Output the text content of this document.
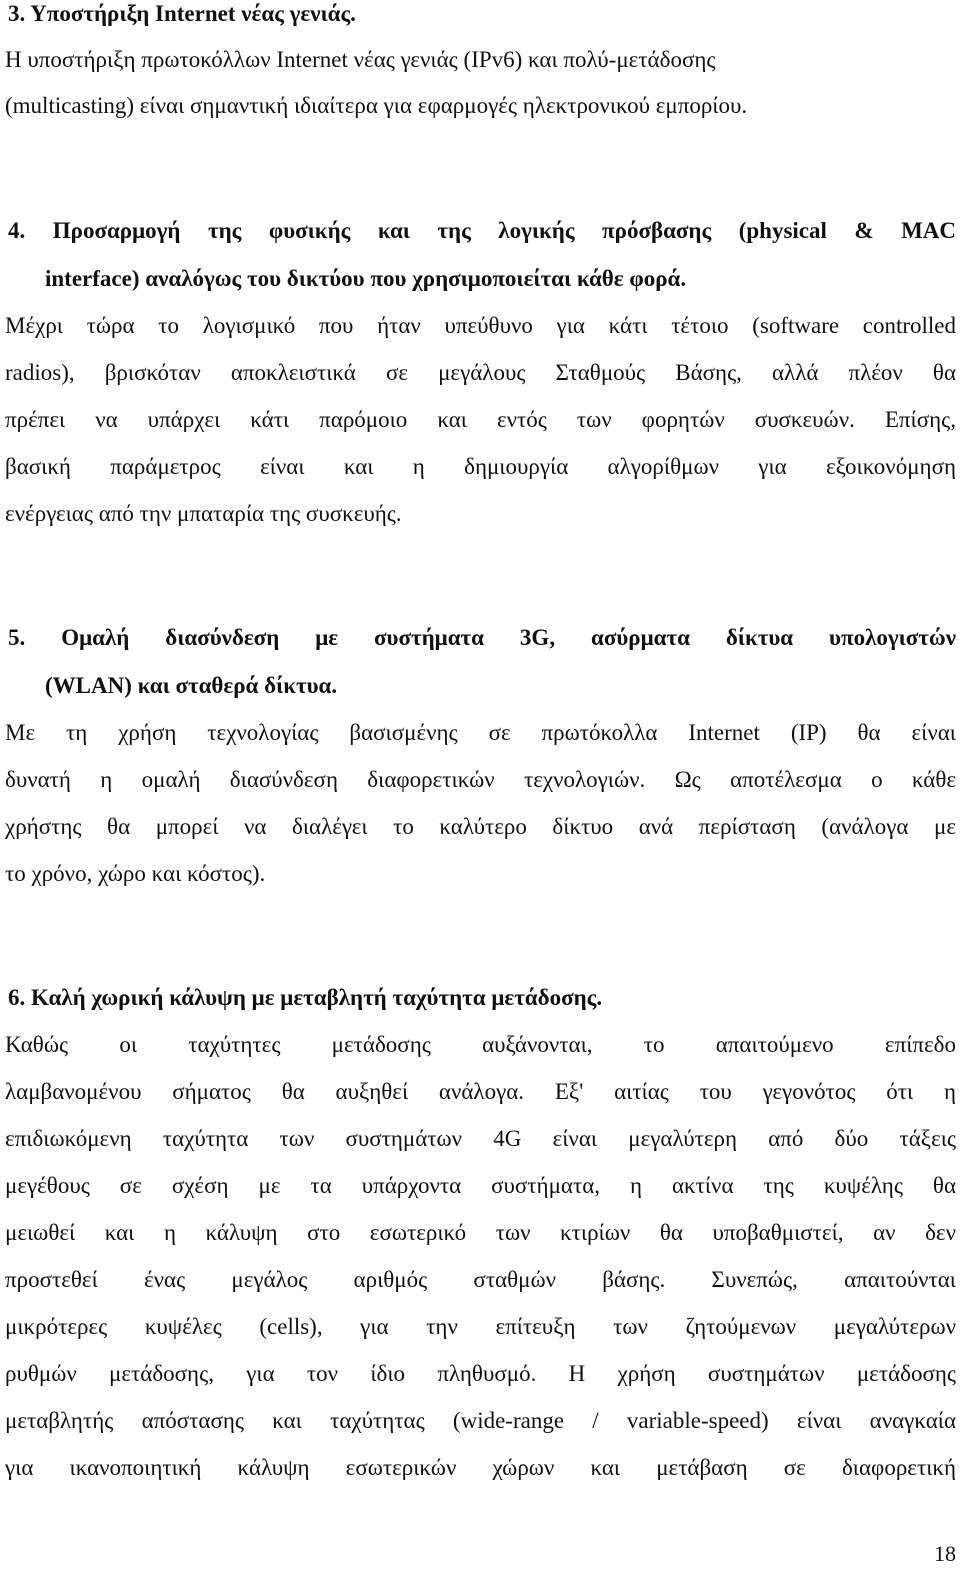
3. Υποστήριξη Internet νέας γενιάς.
Η υποστήριξη πρωτοκόλλων Internet νέας γενιάς (IPv6) και πολύ-μετάδοσης
(multicasting) είναι σημαντική ιδιαίτερα για εφαρμογές ηλεκτρονικού εμπορίου.
4. Προσαρμογή της φυσικής και της λογικής πρόσβασης (physical & MAC
interface) αναλόγως του δικτύου που χρησιμοποιείται κάθε φορά.
Μέχρι τώρα το λογισμικό που ήταν υπεύθυνο για κάτι τέτοιο (software controlled
radios), βρισκόταν αποκλειστικά σε μεγάλους Σταθμούς Βάσης, αλλά πλέον θα
πρέπει να υπάρχει κάτι παρόμοιο και εντός των φορητών συσκευών. Επίσης,
βασική παράμετρος είναι και η δημιουργία αλγορίθμων για εξοικονόμηση
ενέργειας από την μπαταρία της συσκευής.
5. Ομαλή διασύνδεση με συστήματα 3G, ασύρματα δίκτυα υπολογιστών
(WLAN) και σταθερά δίκτυα.
Με τη χρήση τεχνολογίας βασισμένης σε πρωτόκολλα Internet (IP) θα είναι
δυνατή η ομαλή διασύνδεση διαφορετικών τεχνολογιών. Ως αποτέλεσμα ο κάθε
χρήστης θα μπορεί να διαλέγει το καλύτερο δίκτυο ανά περίσταση (ανάλογα με
το χρόνο, χώρο και κόστος).
6. Καλή χωρική κάλυψη με μεταβλητή ταχύτητα μετάδοσης.
Καθώς οι ταχύτητες μετάδοσης αυξάνονται, το απαιτούμενο επίπεδο
λαμβανομένου σήματος θα αυξηθεί ανάλογα. Εξ' αιτίας του γεγονότος ότι η
επιδιωκόμενη ταχύτητα των συστημάτων 4G είναι μεγαλύτερη από δύο τάξεις
μεγέθους σε σχέση με τα υπάρχοντα συστήματα, η ακτίνα της κυψέλης θα
μειωθεί και η κάλυψη στο εσωτερικό των κτιρίων θα υποβαθμιστεί, αν δεν
προστεθεί ένας μεγάλος αριθμός σταθμών βάσης. Συνεπώς, απαιτούνται
μικρότερες κυψέλες (cells), για την επίτευξη των ζητούμενων μεγαλύτερων
ρυθμών μετάδοσης, για τον ίδιο πληθυσμό. Η χρήση συστημάτων μετάδοσης
μεταβλητής απόστασης και ταχύτητας (wide-range / variable-speed) είναι αναγκαία
για ικανοποιητική κάλυψη εσωτερικών χώρων και μετάβαση σε διαφορετική
18
